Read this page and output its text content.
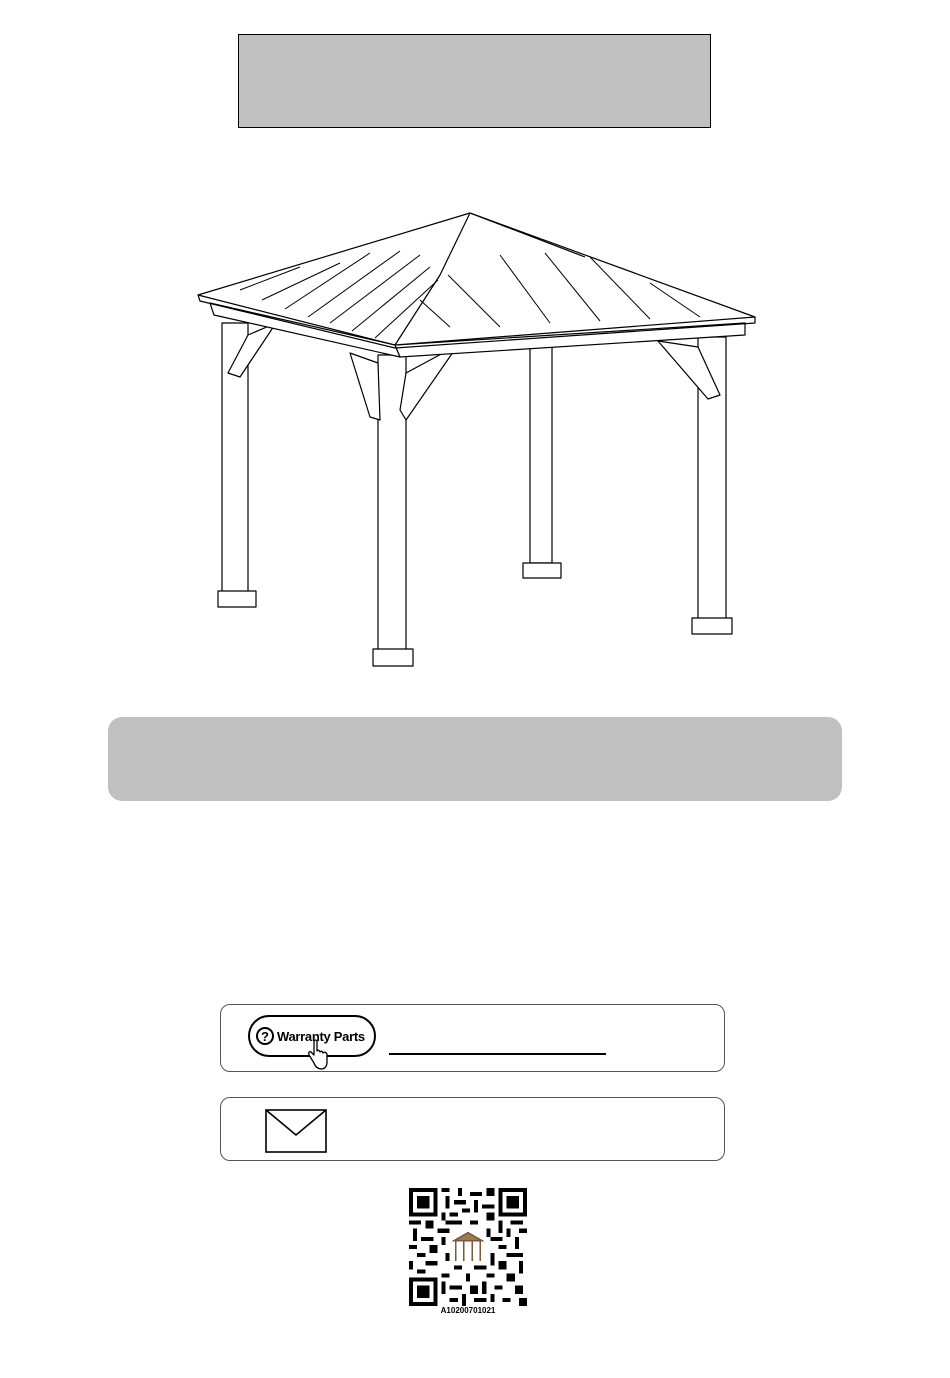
? Warranty Parts
A10200701021
